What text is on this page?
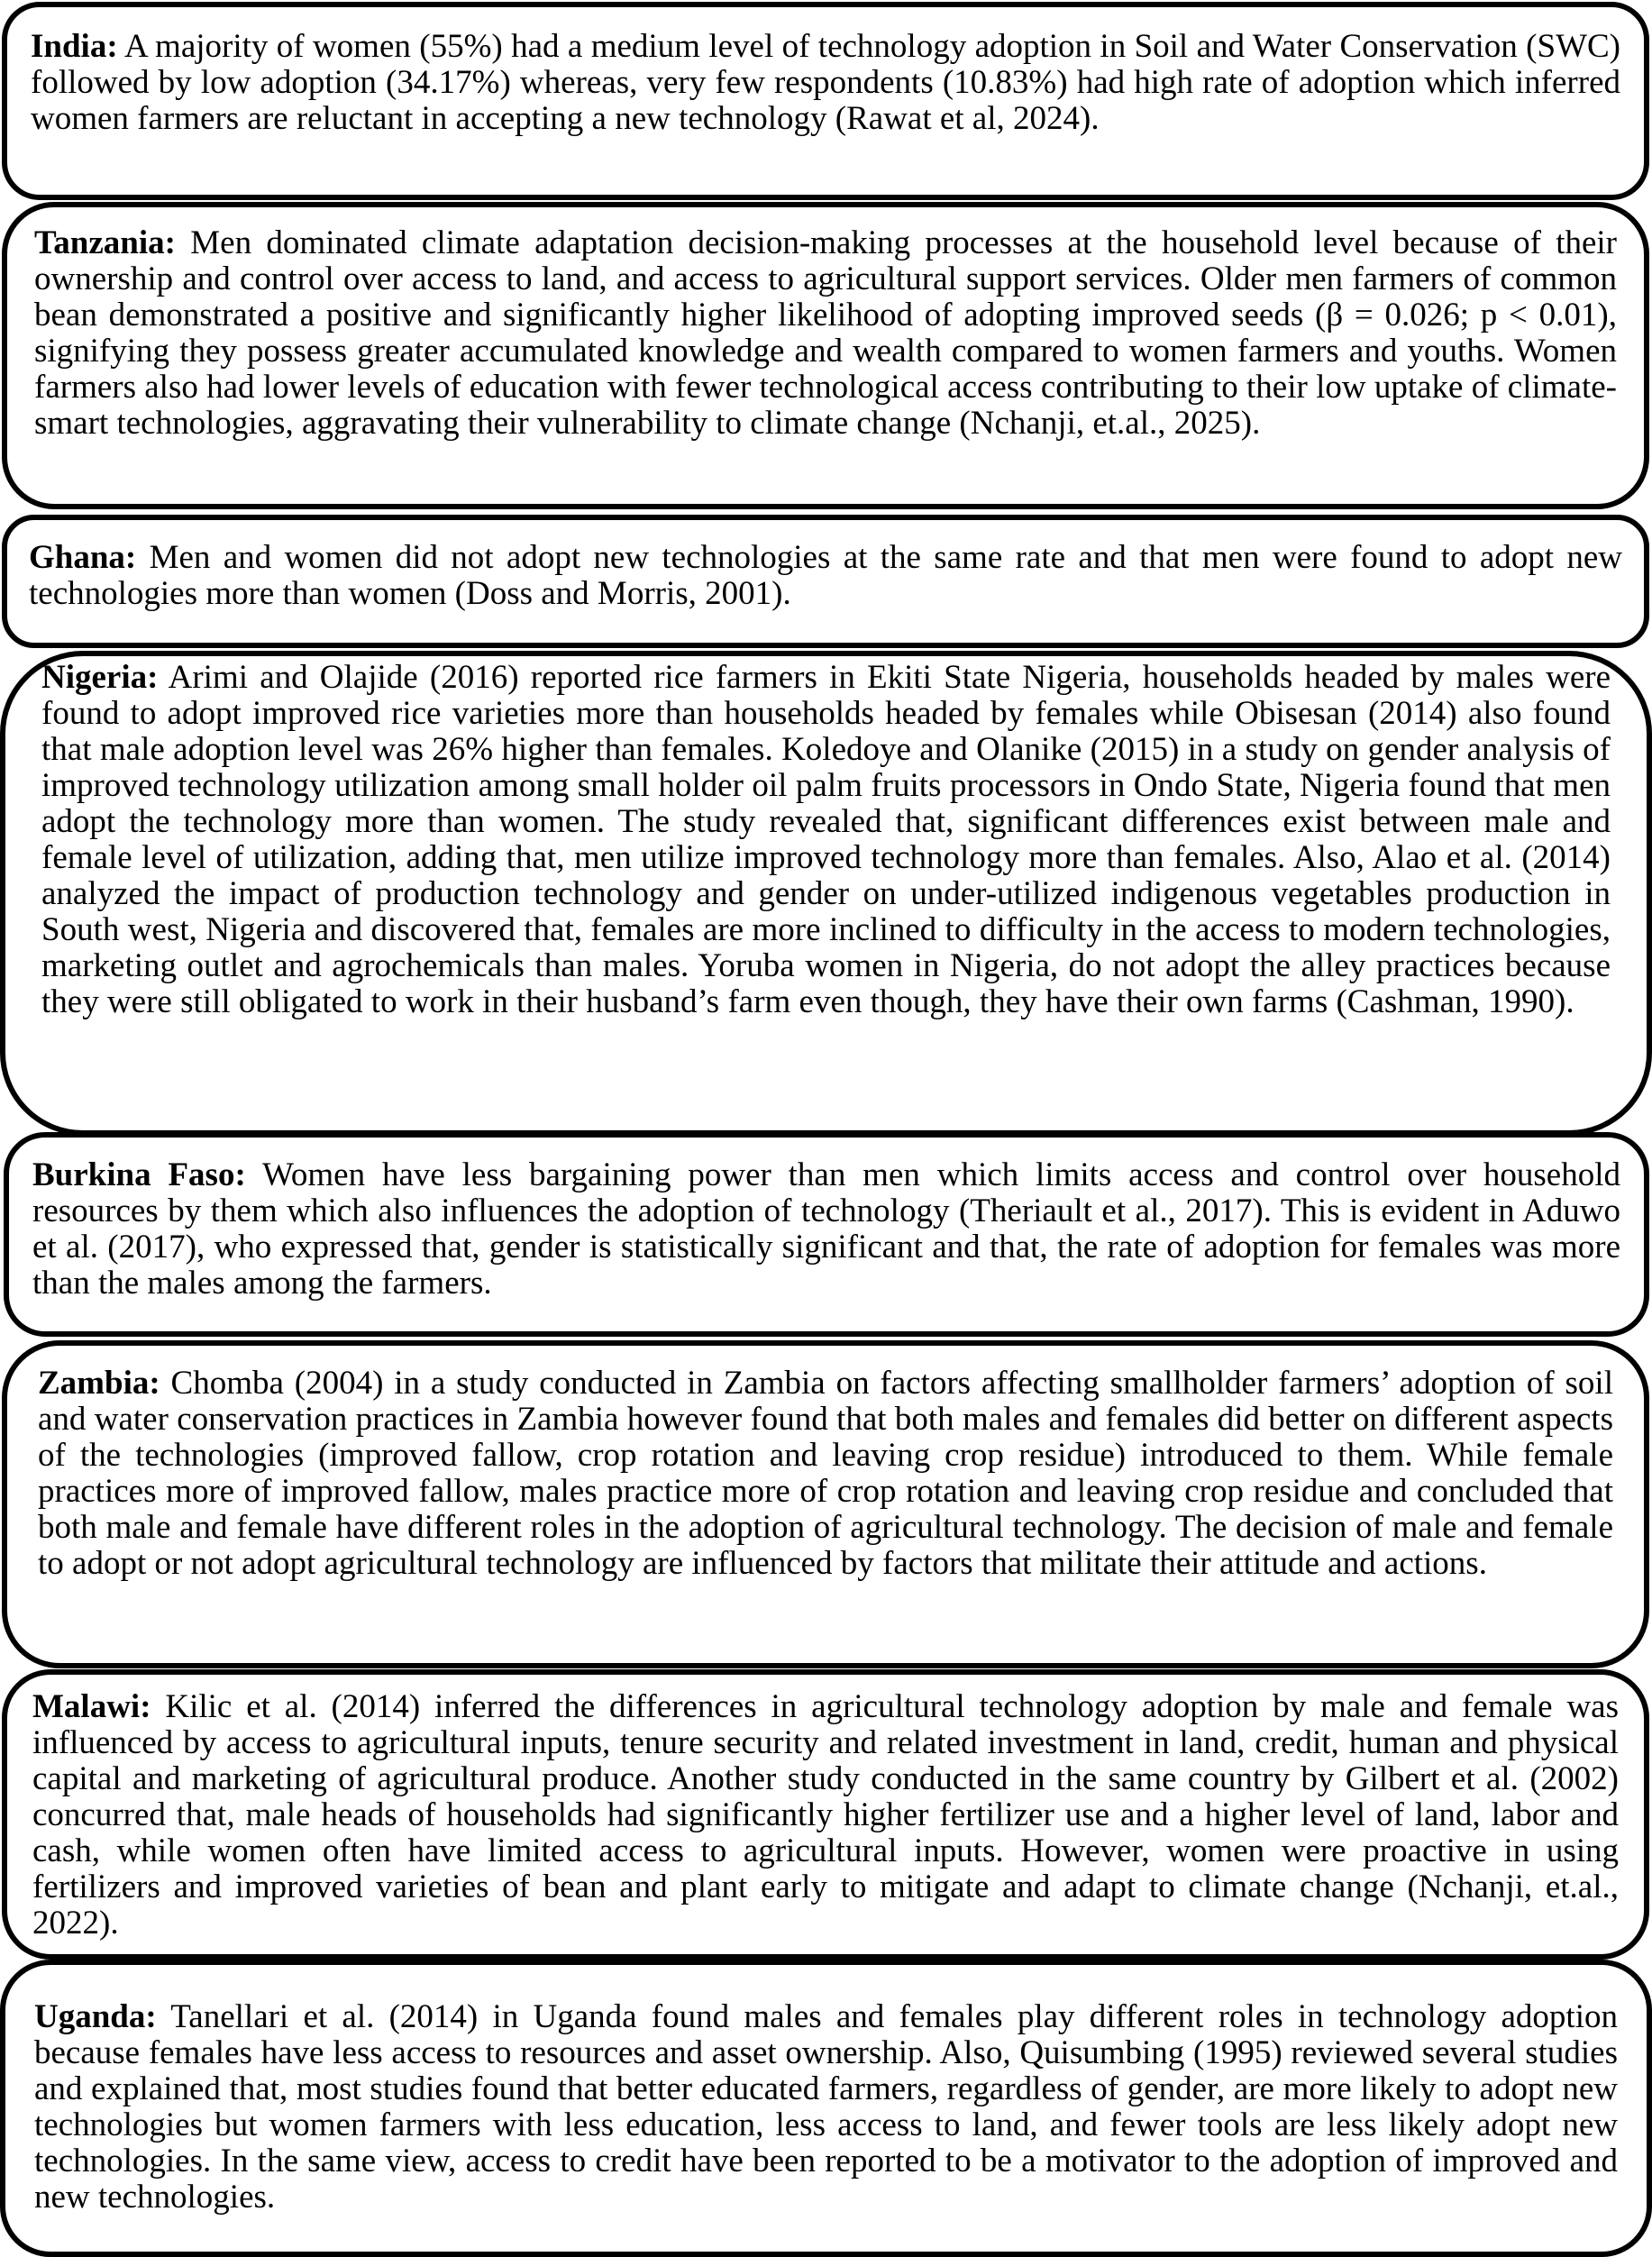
India: A majority of women (55%) had a medium level of technology adoption in Soil and Water Conservation (SWC) followed by low adoption (34.17%) whereas, very few respondents (10.83%) had high rate of adoption which inferred women farmers are reluctant in accepting a new technology (Rawat et al, 2024).

Tanzania: Men dominated climate adaptation decision-making processes at the household level because of their ownership and control over access to land, and access to agricultural support services. Older men farmers of common bean demonstrated a positive and significantly higher likelihood of adopting improved seeds (β = 0.026; p < 0.01), signifying they possess greater accumulated knowledge and wealth compared to women farmers and youths. Women farmers also had lower levels of education with fewer technological access contributing to their low uptake of climate-smart technologies, aggravating their vulnerability to climate change (Nchanji, et.al., 2025).

Ghana: Men and women did not adopt new technologies at the same rate and that men were found to adopt new technologies more than women (Doss and Morris, 2001).

Nigeria: Arimi and Olajide (2016) reported rice farmers in Ekiti State Nigeria, households headed by males were found to adopt improved rice varieties more than households headed by females while Obisesan (2014) also found that male adoption level was 26% higher than females. Koledoye and Olanike (2015) in a study on gender analysis of improved technology utilization among small holder oil palm fruits processors in Ondo State, Nigeria found that men adopt the technology more than women. The study revealed that, significant differences exist between male and female level of utilization, adding that, men utilize improved technology more than females. Also, Alao et al. (2014) analyzed the impact of production technology and gender on under-utilized indigenous vegetables production in South west, Nigeria and discovered that, females are more inclined to difficulty in the access to modern technologies, marketing outlet and agrochemicals than males. Yoruba women in Nigeria, do not adopt the alley practices because they were still obligated to work in their husband’s farm even though, they have their own farms (Cashman, 1990).

Burkina Faso: Women have less bargaining power than men which limits access and control over household resources by them which also influences the adoption of technology (Theriault et al., 2017). This is evident in Aduwo et al. (2017), who expressed that, gender is statistically significant and that, the rate of adoption for females was more than the males among the farmers.

Zambia: Chomba (2004) in a study conducted in Zambia on factors affecting smallholder farmers’ adoption of soil and water conservation practices in Zambia however found that both males and females did better on different aspects of the technologies (improved fallow, crop rotation and leaving crop residue) introduced to them. While female practices more of improved fallow, males practice more of crop rotation and leaving crop residue and concluded that both male and female have different roles in the adoption of agricultural technology. The decision of male and female to adopt or not adopt agricultural technology are influenced by factors that militate their attitude and actions.

Malawi: Kilic et al. (2014) inferred the differences in agricultural technology adoption by male and female was influenced by access to agricultural inputs, tenure security and related investment in land, credit, human and physical capital and marketing of agricultural produce. Another study conducted in the same country by Gilbert et al. (2002) concurred that, male heads of households had significantly higher fertilizer use and a higher level of land, labor and cash, while women often have limited access to agricultural inputs. However, women were proactive in using fertilizers and improved varieties of bean and plant early to mitigate and adapt to climate change (Nchanji, et.al., 2022).

Uganda: Tanellari et al. (2014) in Uganda found males and females play different roles in technology adoption because females have less access to resources and asset ownership. Also, Quisumbing (1995) reviewed several studies and explained that, most studies found that better educated farmers, regardless of gender, are more likely to adopt new technologies but women farmers with less education, less access to land, and fewer tools are less likely adopt new technologies. In the same view, access to credit have been reported to be a motivator to the adoption of improved and new technologies.
